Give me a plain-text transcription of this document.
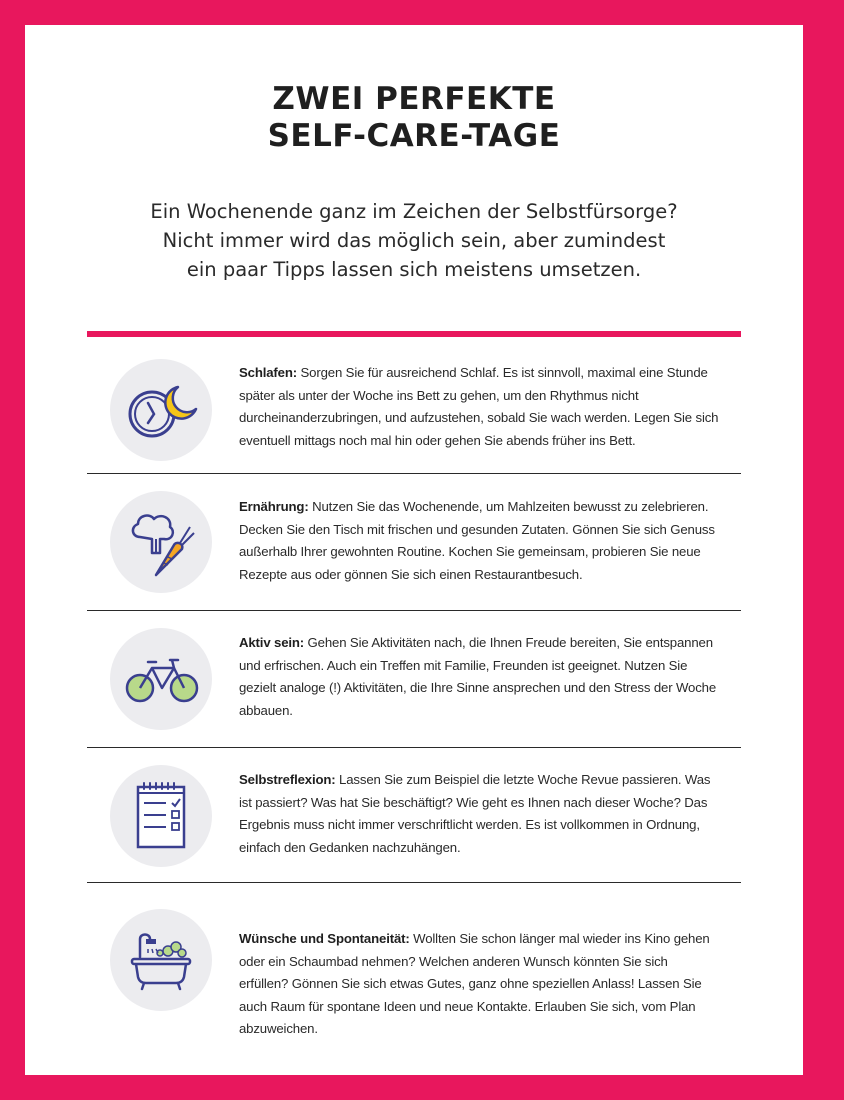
ZWEI PERFEKTE
SELF-CARE-TAGE
Ein Wochenende ganz im Zeichen der Selbstfürsorge?
Nicht immer wird das möglich sein, aber zumindest
ein paar Tipps lassen sich meistens umsetzen.
Schlafen: Sorgen Sie für ausreichend Schlaf. Es ist sinnvoll, maximal eine Stunde später als unter der Woche ins Bett zu gehen, um den Rhythmus nicht durcheinanderzubringen, und aufzustehen, sobald Sie wach werden. Legen Sie sich eventuell mittags noch mal hin oder gehen Sie abends früher ins Bett.
Ernährung: Nutzen Sie das Wochenende, um Mahlzeiten bewusst zu zelebrieren. Decken Sie den Tisch mit frischen und gesunden Zutaten. Gönnen Sie sich Genuss außerhalb Ihrer gewohnten Routine. Kochen Sie gemeinsam, probieren Sie neue Rezepte aus oder gönnen Sie sich einen Restaurantbesuch.
Aktiv sein: Gehen Sie Aktivitäten nach, die Ihnen Freude bereiten, Sie entspannen und erfrischen. Auch ein Treffen mit Familie, Freunden ist geeignet. Nutzen Sie gezielt analoge (!) Aktivitäten, die Ihre Sinne ansprechen und den Stress der Woche abbauen.
Selbstreflexion: Lassen Sie zum Beispiel die letzte Woche Revue passieren. Was ist passiert? Was hat Sie beschäftigt? Wie geht es Ihnen nach dieser Woche? Das Ergebnis muss nicht immer verschriftlicht werden. Es ist vollkommen in Ordnung, einfach den Gedanken nachzuhängen.
Wünsche und Spontaneität: Wollten Sie schon länger mal wieder ins Kino gehen oder ein Schaumbad nehmen? Welchen anderen Wunsch könnten Sie sich erfüllen? Gönnen Sie sich etwas Gutes, ganz ohne speziellen Anlass! Lassen Sie auch Raum für spontane Ideen und neue Kontakte. Erlauben Sie sich, vom Plan abzuweichen.
